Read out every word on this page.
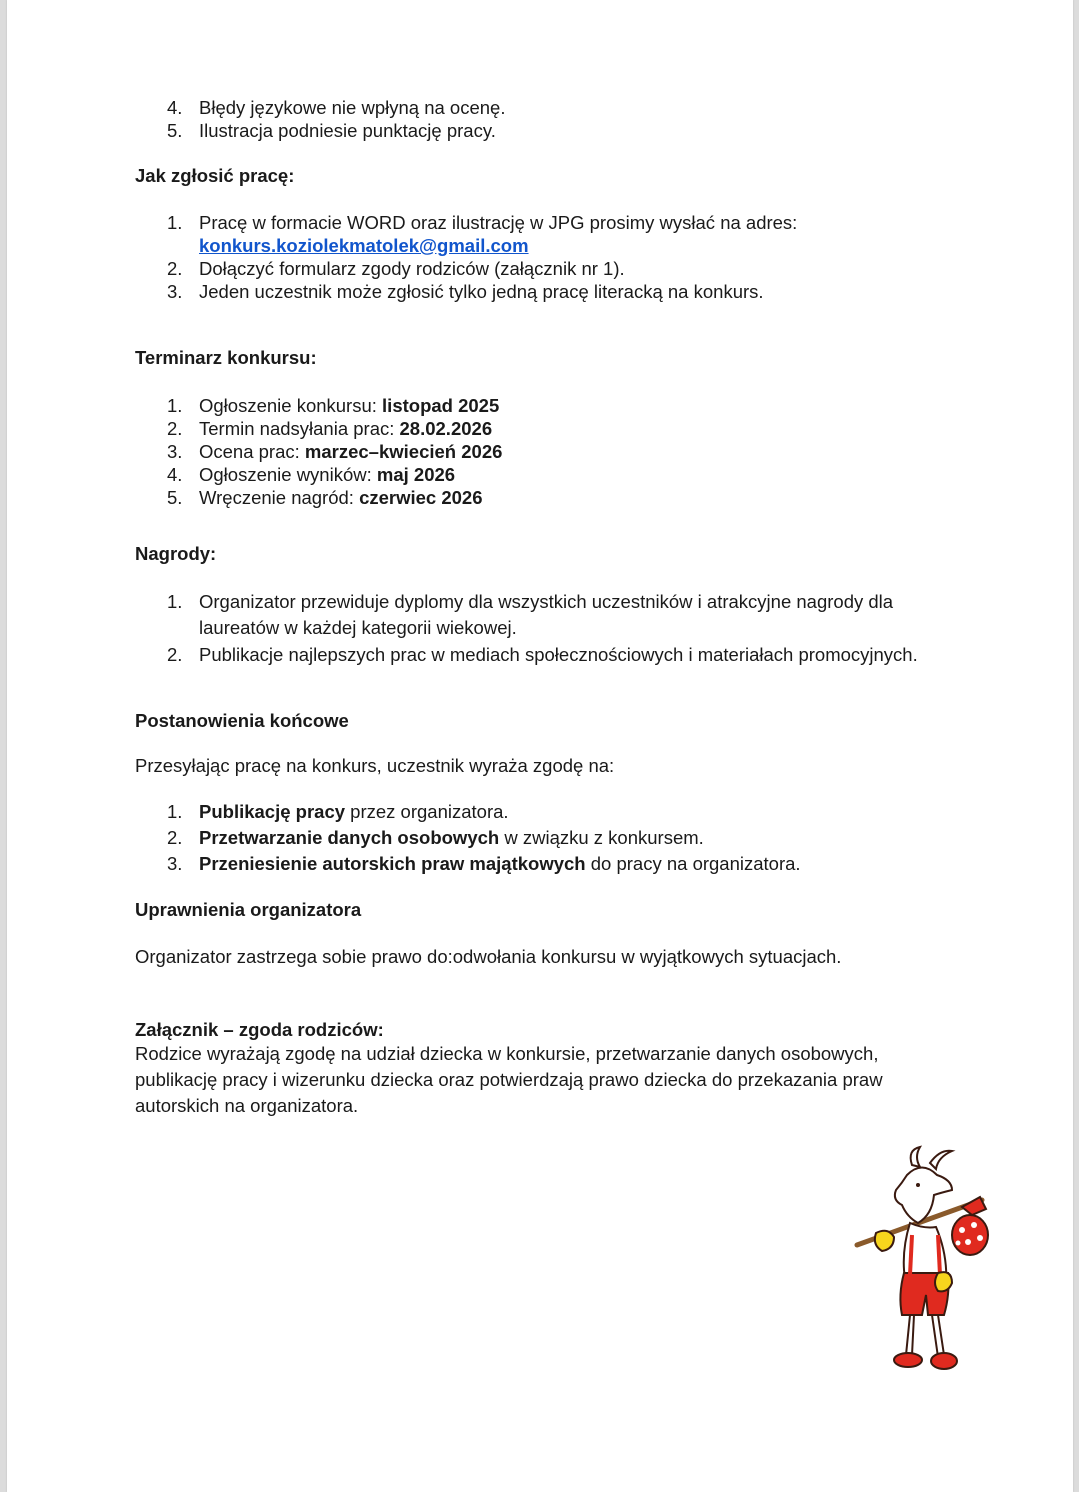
4. Błędy językowe nie wpłyną na ocenę.
5. Ilustracja podniesie punktację pracy.
Jak zgłosić pracę:
1. Pracę w formacie WORD oraz ilustrację w JPG prosimy wysłać na adres:
konkurs.koziolekmatolek@gmail.com
2. Dołączyć formularz zgody rodziców (załącznik nr 1).
3. Jeden uczestnik może zgłosić tylko jedną pracę literacką na konkurs.
Terminarz konkursu:
1. Ogłoszenie konkursu: listopad 2025
2. Termin nadsyłania prac: 28.02.2026
3. Ocena prac: marzec–kwiecień 2026
4. Ogłoszenie wyników: maj 2026
5. Wręczenie nagród: czerwiec 2026
Nagrody:
1. Organizator przewiduje dyplomy dla wszystkich uczestników i atrakcyjne nagrody dla laureatów w każdej kategorii wiekowej.
2. Publikacje najlepszych prac w mediach społecznościowych i materiałach promocyjnych.
Postanowienia końcowe

Przesyłając pracę na konkurs, uczestnik wyraża zgodę na:

1. Publikację pracy przez organizatora.
2. Przetwarzanie danych osobowych w związku z konkursem.
3. Przeniesienie autorskich praw majątkowych do pracy na organizatora.
Uprawnienia organizatora

Organizator zastrzega sobie prawo do:odwołania konkursu w wyjątkowych sytuacjach.

Załącznik – zgoda rodziców:

Rodzice wyrażają zgodę na udział dziecka w konkursie, przetwarzanie danych osobowych, publikację pracy i wizerunku dziecka oraz potwierdzają prawo dziecka do przekazania praw autorskich na organizatora.
